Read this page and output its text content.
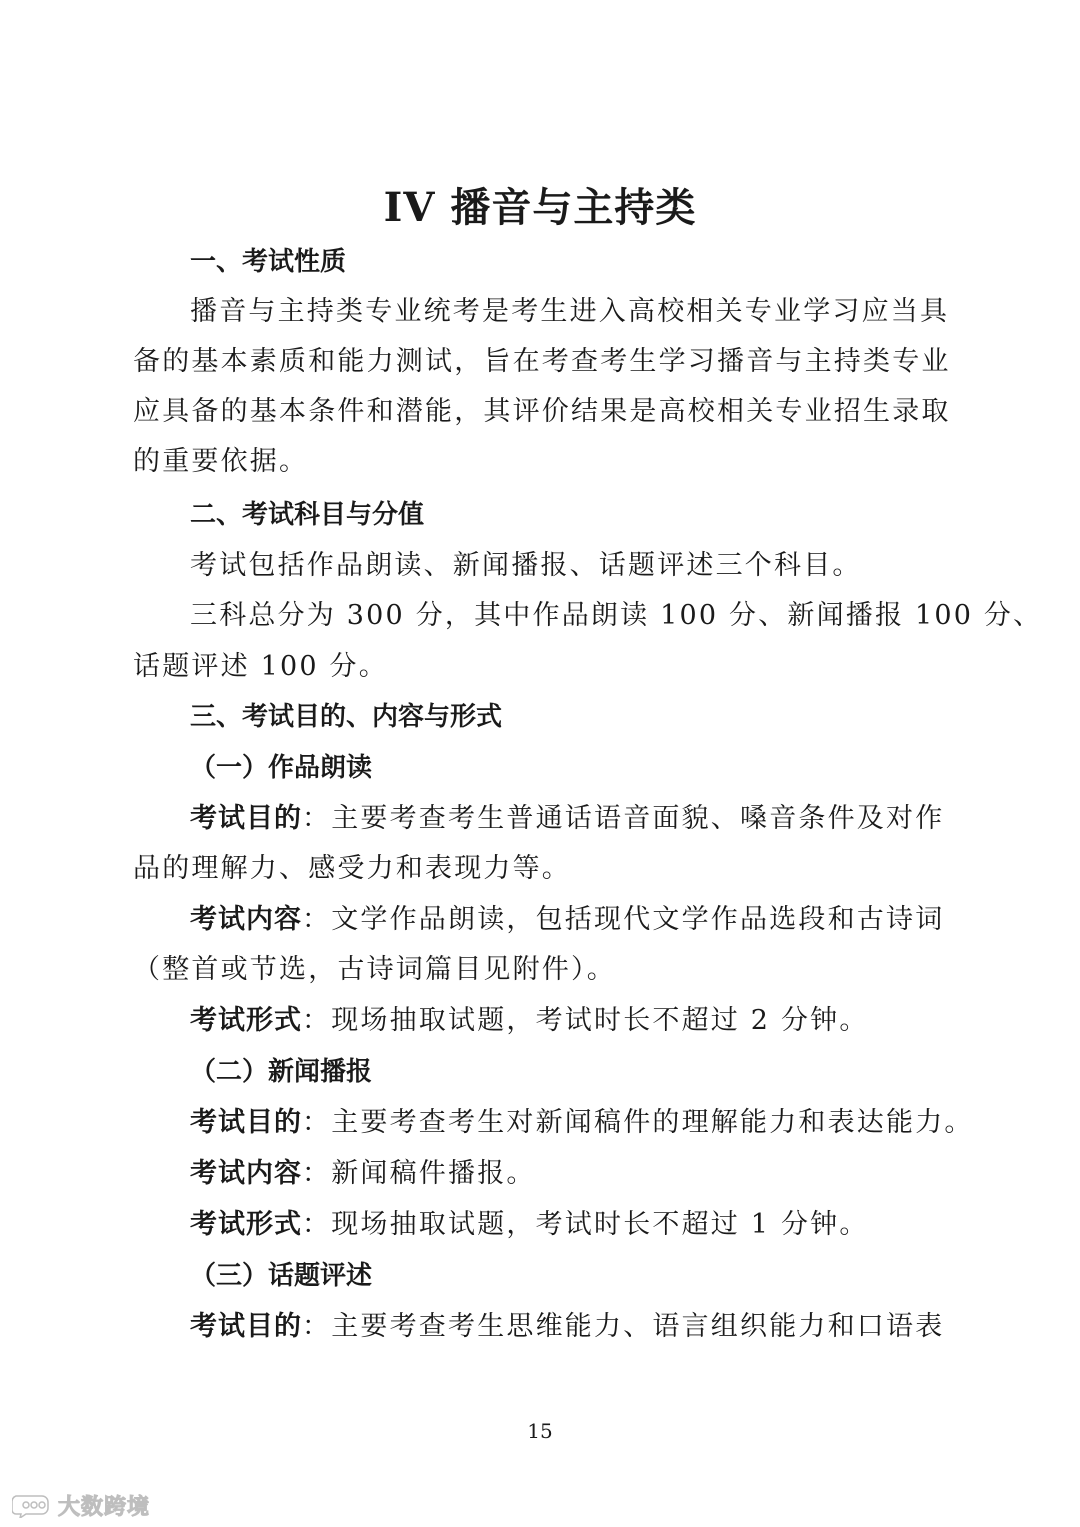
IV 播音与主持类

一、考试性质

播音与主持类专业统考是考生进入高校相关专业学习应当具

备的基本素质和能力测试，旨在考查考生学习播音与主持类专业

应具备的基本条件和潜能，其评价结果是高校相关专业招生录取

的重要依据。

二、考试科目与分值

考试包括作品朗读、新闻播报、话题评述三个科目。

三科总分为 300 分，其中作品朗读 100 分、新闻播报 100 分、

话题评述 100 分。

三、考试目的、内容与形式

（一）作品朗读

考试目的：主要考查考生普通话语音面貌、嗓音条件及对作

品的理解力、感受力和表现力等。

考试内容：文学作品朗读，包括现代文学作品选段和古诗词

（整首或节选，古诗词篇目见附件）。

考试形式：现场抽取试题，考试时长不超过 2 分钟。

（二）新闻播报

考试目的：主要考查考生对新闻稿件的理解能力和表达能力。

考试内容：新闻稿件播报。

考试形式：现场抽取试题，考试时长不超过 1 分钟。

（三）话题评述

考试目的：主要考查考生思维能力、语言组织能力和口语表

15
大数跨境
